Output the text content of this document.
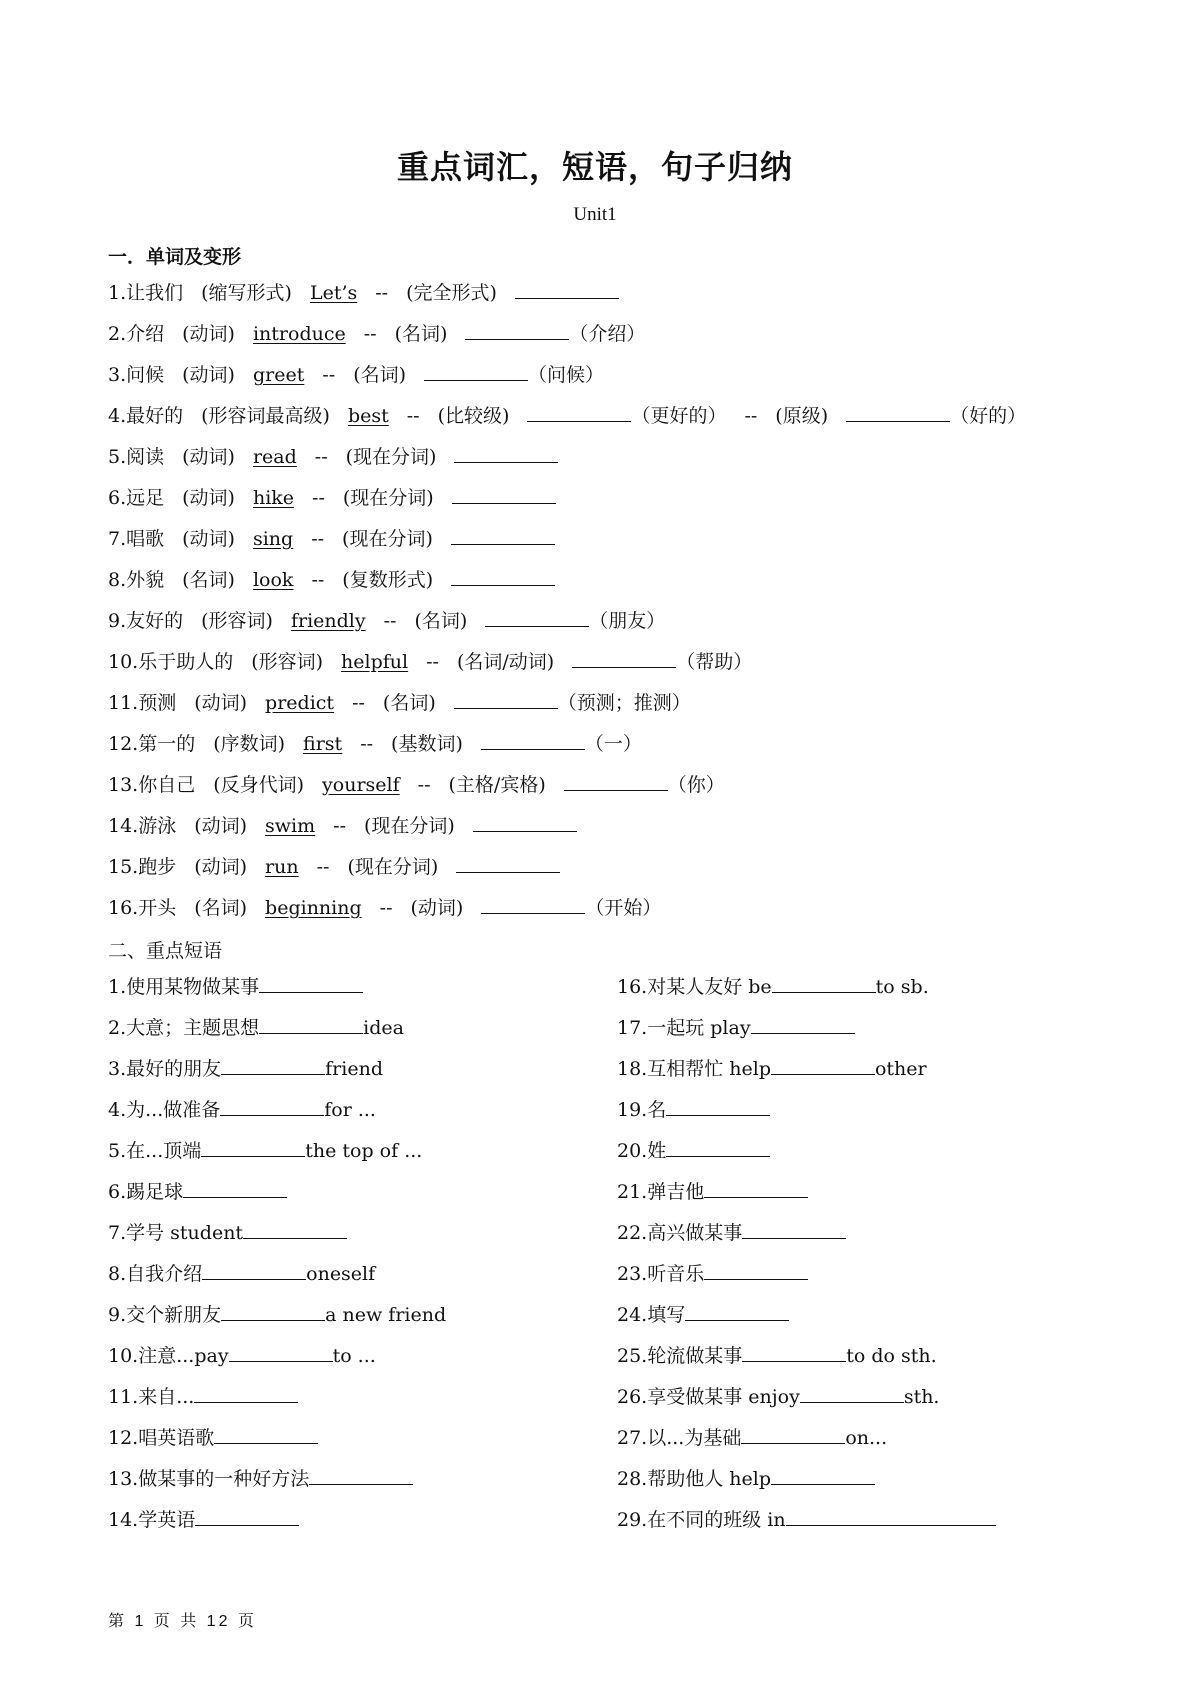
重点词汇，短语，句子归纳
Unit1
一．单词及变形
1.让我们 (缩写形式) Let’s -- (完全形式)
2.介绍 (动词) introduce -- (名词)	（介绍）
3.问候 (动词) greet -- (名词)	（问候）
4.最好的 (形容词最高级) best -- (比较级)	（更好的） -- (原级)	（好的）
5.阅读 (动词) read -- (现在分词)
6.远足 (动词) hike -- (现在分词)
7.唱歌 (动词) sing -- (现在分词)
8.外貌 (名词) look -- (复数形式)
9.友好的 (形容词) friendly -- (名词)	（朋友）
10.乐于助人的 (形容词) helpful -- (名词/动词)	（帮助）
11.预测 (动词) predict -- (名词)	（预测；推测）
12.第一的 (序数词) first -- (基数词)	（一）
13.你自己 (反身代词) yourself -- (主格/宾格)	（你）
14.游泳 (动词) swim -- (现在分词)
15.跑步 (动词) run -- (现在分词)
16.开头 (名词) beginning -- (动词)	（开始）
二、重点短语
1.使用某物做某事
2.大意；主题思想	idea
3.最好的朋友	friend
4.为...做准备	for ...
5.在...顶端	the top of ...
6.踢足球
7.学号 student
8.自我介绍	oneself
9.交个新朋友	a new friend
10.注意...pay	to ...
11.来自...
12.唱英语歌
13.做某事的一种好方法
14.学英语
16.对某人友好 be	to sb.
17.一起玩 play
18.互相帮忙 help	other
19.名
20.姓
21.弹吉他
22.高兴做某事
23.听音乐
24.填写
25.轮流做某事	to do sth.
26.享受做某事 enjoy	sth.
27.以...为基础	on...
28.帮助他人 help
29.在不同的班级 in
第 1 页 共 12 页
